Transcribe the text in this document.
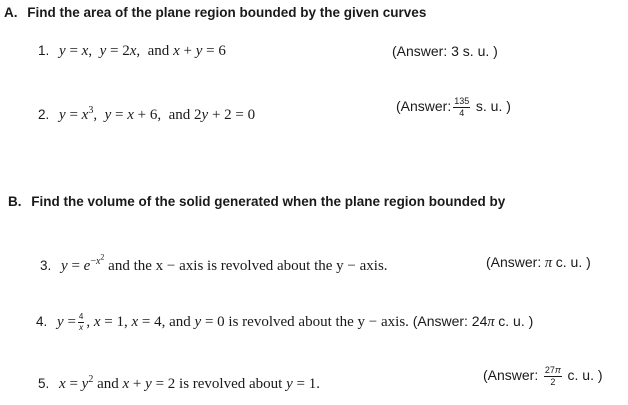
A. Find the area of the plane region bounded by the given curves
1. y = x,  y = 2x,  and x + y = 6	(Answer: 3 s. u. )
2. $y = x^3$,  y = x + 6,  and 2y + 2 = 0
(Answer: $\frac{135}{4} s$. u. )
B. Find the volume of the solid generated when the plane region bounded by
3. $y = e^{-x^2}$ and the x − axis is revolved about the y − axis.	(Answer: π c. u. )
4. $y = \frac{4}{x}$ , x = 1, x = 4, and y = 0 is revolved about the y − axis. (Answer: 24π c. u. )
5. $x = y^2$ and x + y = 2 is revolved about y = 1.
(Answer: $\frac{27\pi}{2} c$. u. )
